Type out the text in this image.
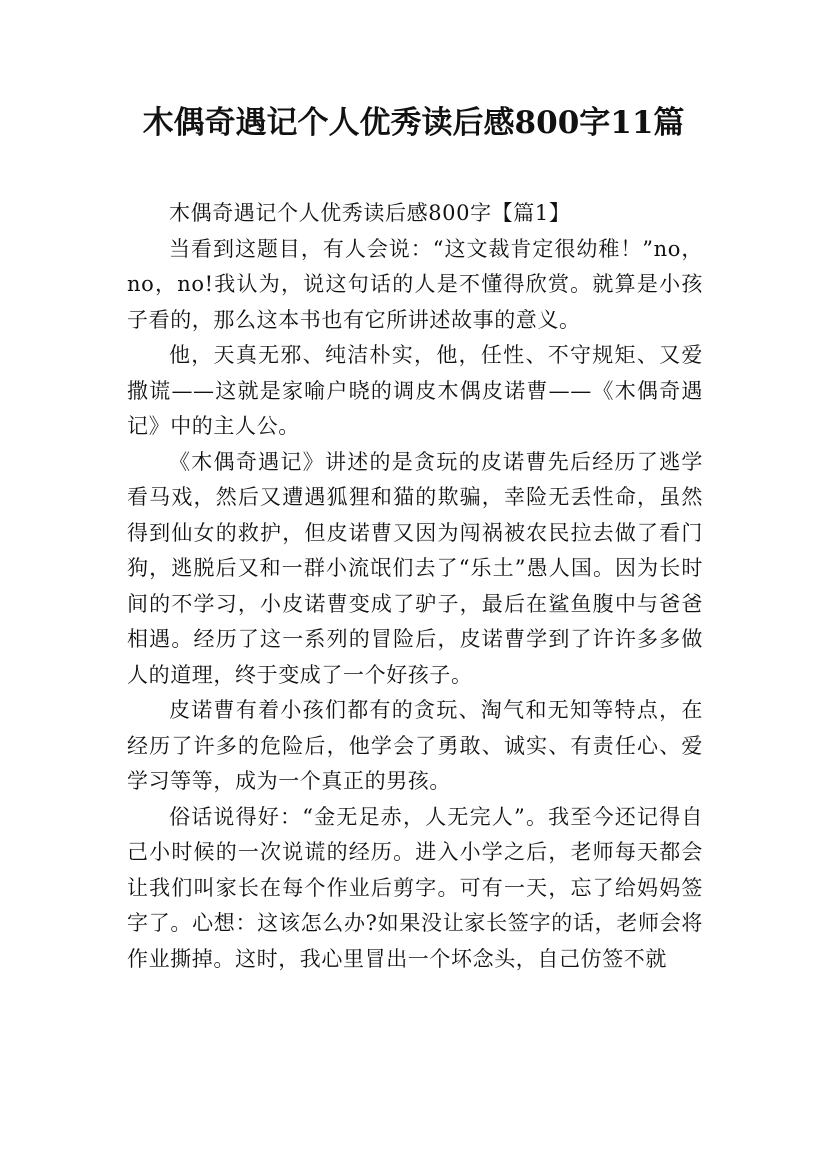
木偶奇遇记个人优秀读后感800字11篇

木偶奇遇记个人优秀读后感800字【篇1】

当看到这题目，有人会说：“这文裁肯定很幼稚！”no，no，no!我认为，说这句话的人是不懂得欣赏。就算是小孩子看的，那么这本书也有它所讲述故事的意义。

他，天真无邪、纯洁朴实，他，任性、不守规矩、又爱撒谎——这就是家喻户晓的调皮木偶皮诺曹——《木偶奇遇记》中的主人公。

《木偶奇遇记》讲述的是贪玩的皮诺曹先后经历了逃学看马戏，然后又遭遇狐狸和猫的欺骗，幸险无丢性命，虽然得到仙女的救护，但皮诺曹又因为闯祸被农民拉去做了看门狗，逃脱后又和一群小流氓们去了“乐土”愚人国。因为长时间的不学习，小皮诺曹变成了驴子，最后在鲨鱼腹中与爸爸相遇。经历了这一系列的冒险后，皮诺曹学到了许许多多做人的道理，终于变成了一个好孩子。

皮诺曹有着小孩们都有的贪玩、淘气和无知等特点，在经历了许多的危险后，他学会了勇敢、诚实、有责任心、爱学习等等，成为一个真正的男孩。

俗话说得好：“金无足赤，人无完人”。我至今还记得自己小时候的一次说谎的经历。进入小学之后，老师每天都会让我们叫家长在每个作业后剪字。可有一天，忘了给妈妈签字了。心想：这该怎么办?如果没让家长签字的话，老师会将作业撕掉。这时，我心里冒出一个坏念头，自己仿签不就
